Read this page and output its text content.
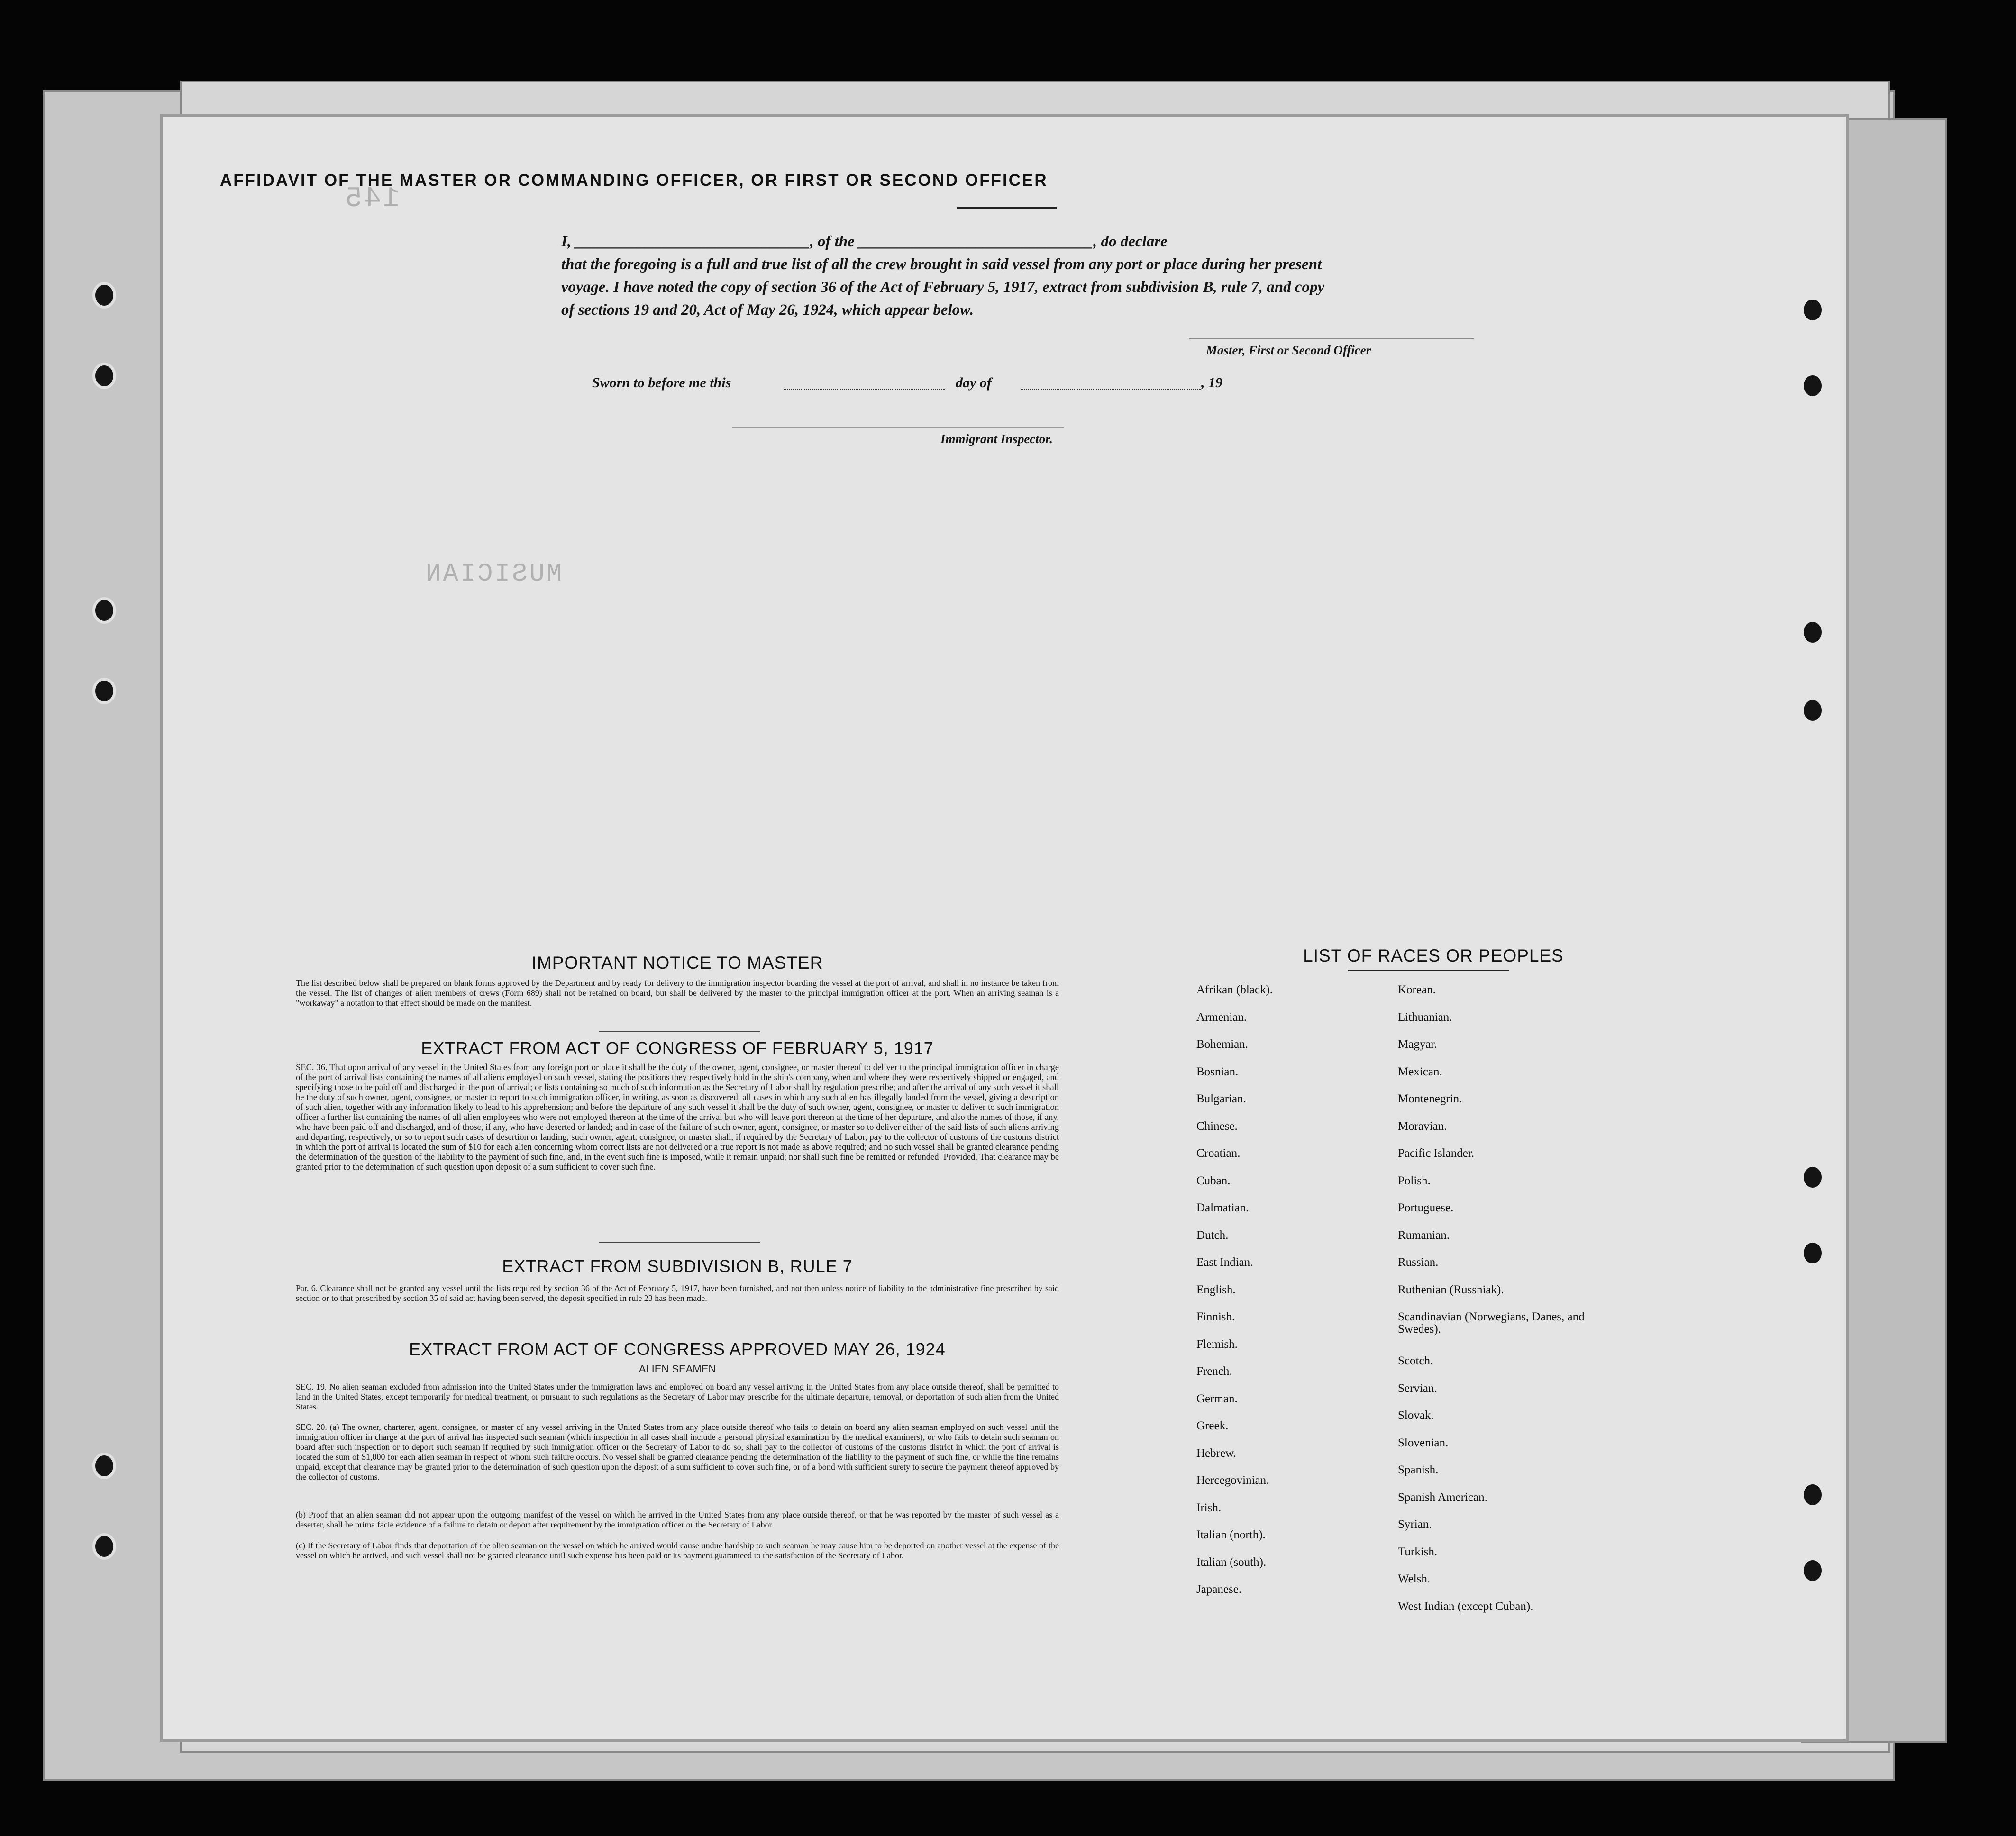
145
MUSICIAN
AFFIDAVIT OF THE MASTER OR COMMANDING OFFICER, OR FIRST OR SECOND OFFICER
I, ______________________________, of the ______________________________, do declare
that the foregoing is a full and true list of all the crew brought in said vessel from any port or place during her present
voyage. I have noted the copy of section 36 of the Act of February 5, 1917, extract from subdivision B, rule 7, and copy
of sections 19 and 20, Act of May 26, 1924, which appear below.
Master, First or Second Officer
Sworn to before me this	day of	, 19
Immigrant Inspector.
IMPORTANT NOTICE TO MASTER
The list described below shall be prepared on blank forms approved by the Department and by ready for delivery to the immigration inspector boarding the vessel at the port of arrival, and shall in no instance be taken from the vessel. The list of changes of alien members of crews (Form 689) shall not be retained on board, but shall be delivered by the master to the principal immigration officer at the port. When an arriving seaman is a "workaway" a notation to that effect should be made on the manifest.
EXTRACT FROM ACT OF CONGRESS OF FEBRUARY 5, 1917
SEC. 36. That upon arrival of any vessel in the United States from any foreign port or place it shall be the duty of the owner, agent, consignee, or master thereof to deliver to the principal immigration officer in charge of the port of arrival lists containing the names of all aliens employed on such vessel, stating the positions they respectively hold in the ship's company, when and where they were respectively shipped or engaged, and specifying those to be paid off and discharged in the port of arrival; or lists containing so much of such information as the Secretary of Labor shall by regulation prescribe; and after the arrival of any such vessel it shall be the duty of such owner, agent, consignee, or master to report to such immigration officer, in writing, as soon as discovered, all cases in which any such alien has illegally landed from the vessel, giving a description of such alien, together with any information likely to lead to his apprehension; and before the departure of any such vessel it shall be the duty of such owner, agent, consignee, or master to deliver to such immigration officer a further list containing the names of all alien employees who were not employed thereon at the time of the arrival but who will leave port thereon at the time of her departure, and also the names of those, if any, who have been paid off and discharged, and of those, if any, who have deserted or landed; and in case of the failure of such owner, agent, consignee, or master so to deliver either of the said lists of such aliens arriving and departing, respectively, or so to report such cases of desertion or landing, such owner, agent, consignee, or master shall, if required by the Secretary of Labor, pay to the collector of customs of the customs district in which the port of arrival is located the sum of $10 for each alien concerning whom correct lists are not delivered or a true report is not made as above required; and no such vessel shall be granted clearance pending the determination of the question of the liability to the payment of such fine, and, in the event such fine is imposed, while it remain unpaid; nor shall such fine be remitted or refunded: Provided, That clearance may be granted prior to the determination of such question upon deposit of a sum sufficient to cover such fine.
EXTRACT FROM SUBDIVISION B, RULE 7
Par. 6. Clearance shall not be granted any vessel until the lists required by section 36 of the Act of February 5, 1917, have been furnished, and not then unless notice of liability to the administrative fine prescribed by said section or to that prescribed by section 35 of said act having been served, the deposit specified in rule 23 has been made.
EXTRACT FROM ACT OF CONGRESS APPROVED MAY 26, 1924
ALIEN SEAMEN
SEC. 19. No alien seaman excluded from admission into the United States under the immigration laws and employed on board any vessel arriving in the United States from any place outside thereof, shall be permitted to land in the United States, except temporarily for medical treatment, or pursuant to such regulations as the Secretary of Labor may prescribe for the ultimate departure, removal, or deportation of such alien from the United States.
SEC. 20. (a) The owner, charterer, agent, consignee, or master of any vessel arriving in the United States from any place outside thereof who fails to detain on board any alien seaman employed on such vessel until the immigration officer in charge at the port of arrival has inspected such seaman (which inspection in all cases shall include a personal physical examination by the medical examiners), or who fails to detain such seaman on board after such inspection or to deport such seaman if required by such immigration officer or the Secretary of Labor to do so, shall pay to the collector of customs of the customs district in which the port of arrival is located the sum of $1,000 for each alien seaman in respect of whom such failure occurs. No vessel shall be granted clearance pending the determination of the liability to the payment of such fine, or while the fine remains unpaid, except that clearance may be granted prior to the determination of such question upon the deposit of a sum sufficient to cover such fine, or of a bond with sufficient surety to secure the payment thereof approved by the collector of customs.
(b) Proof that an alien seaman did not appear upon the outgoing manifest of the vessel on which he arrived in the United States from any place outside thereof, or that he was reported by the master of such vessel as a deserter, shall be prima facie evidence of a failure to detain or deport after requirement by the immigration officer or the Secretary of Labor.
(c) If the Secretary of Labor finds that deportation of the alien seaman on the vessel on which he arrived would cause undue hardship to such seaman he may cause him to be deported on another vessel at the expense of the vessel on which he arrived, and such vessel shall not be granted clearance until such expense has been paid or its payment guaranteed to the satisfaction of the Secretary of Labor.
LIST OF RACES OR PEOPLES
Afrikan (black).
Armenian.
Bohemian.
Bosnian.
Bulgarian.
Chinese.
Croatian.
Cuban.
Dalmatian.
Dutch.
East Indian.
English.
Finnish.
Flemish.
French.
German.
Greek.
Hebrew.
Hercegovinian.
Irish.
Italian (north).
Italian (south).
Japanese.
Korean.
Lithuanian.
Magyar.
Mexican.
Montenegrin.
Moravian.
Pacific Islander.
Polish.
Portuguese.
Rumanian.
Russian.
Ruthenian (Russniak).
Scandinavian (Norwegians, Danes, and Swedes).
Scotch.
Servian.
Slovak.
Slovenian.
Spanish.
Spanish American.
Syrian.
Turkish.
Welsh.
West Indian (except Cuban).
